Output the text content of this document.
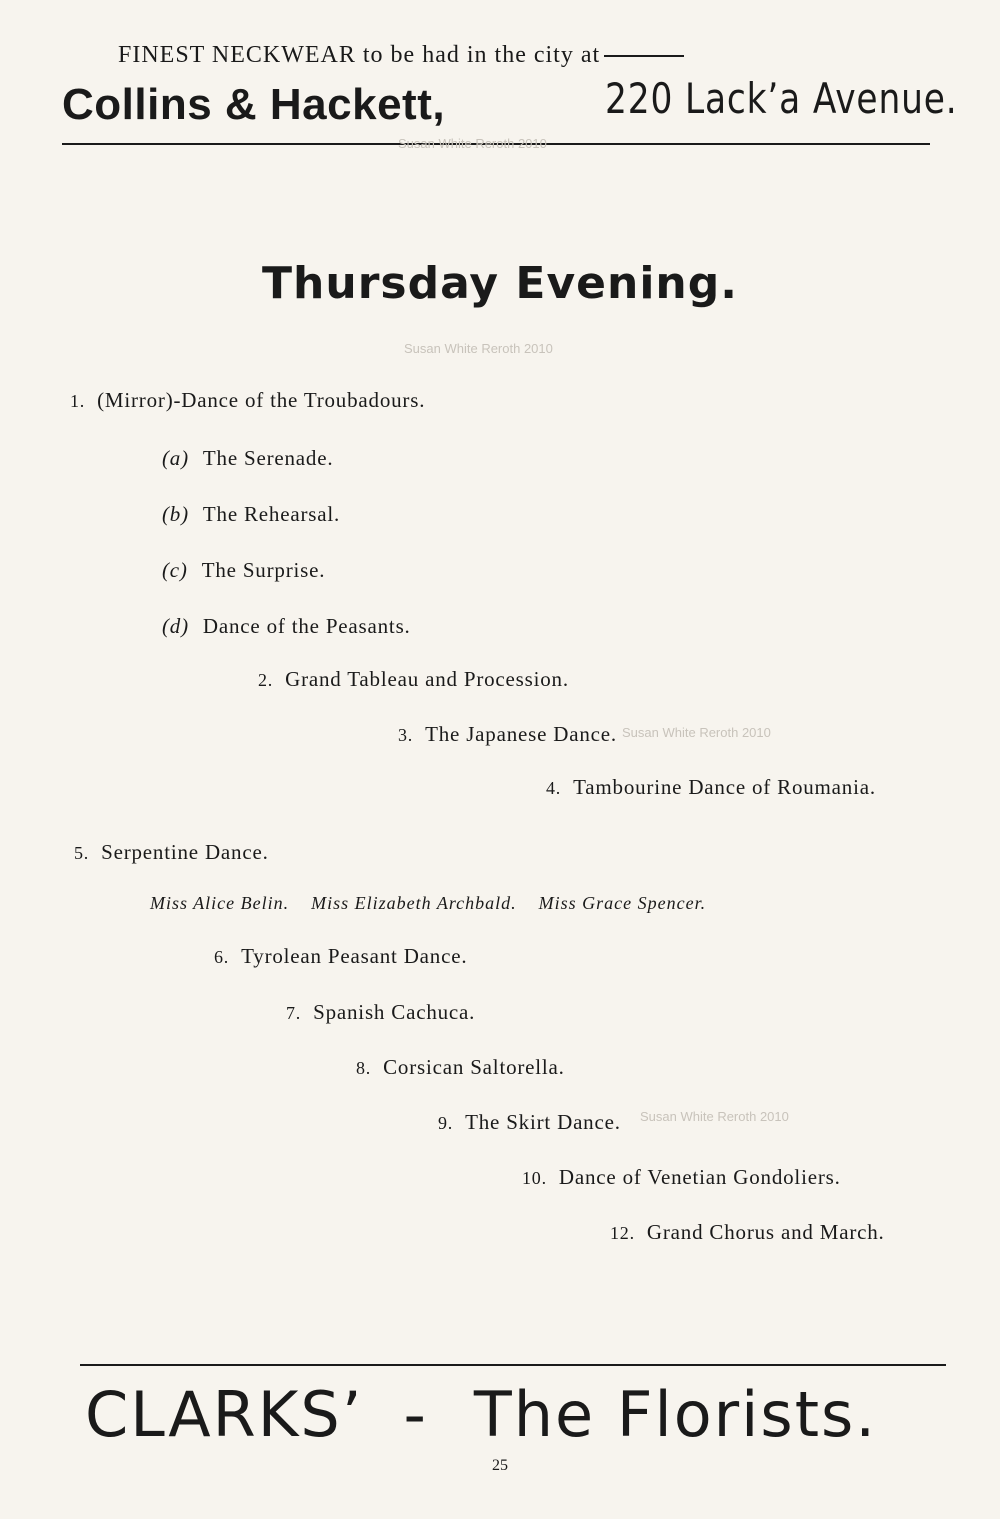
FINEST NECKWEAR to be had in the city at
Collins & Hackett,	220 Lack’a Avenue.
Susan White Reroth 2010
Thursday Evening.
Susan White Reroth 2010
1. (Mirror)-Dance of the Troubadours.
(a) The Serenade.
(b) The Rehearsal.
(c) The Surprise.
(d) Dance of the Peasants.
2. Grand Tableau and Procession.
3. The Japanese Dance. Susan White Reroth 2010
4. Tambourine Dance of Roumania.
5. Serpentine Dance.
Miss Alice Belin. Miss Elizabeth Archbald. Miss Grace Spencer.
6. Tyrolean Peasant Dance.
7. Spanish Cachuca.
8. Corsican Saltorella.
9. The Skirt Dance. Susan White Reroth 2010
10. Dance of Venetian Gondoliers.
12. Grand Chorus and March.
CLARKS’ - The Florists.
25
